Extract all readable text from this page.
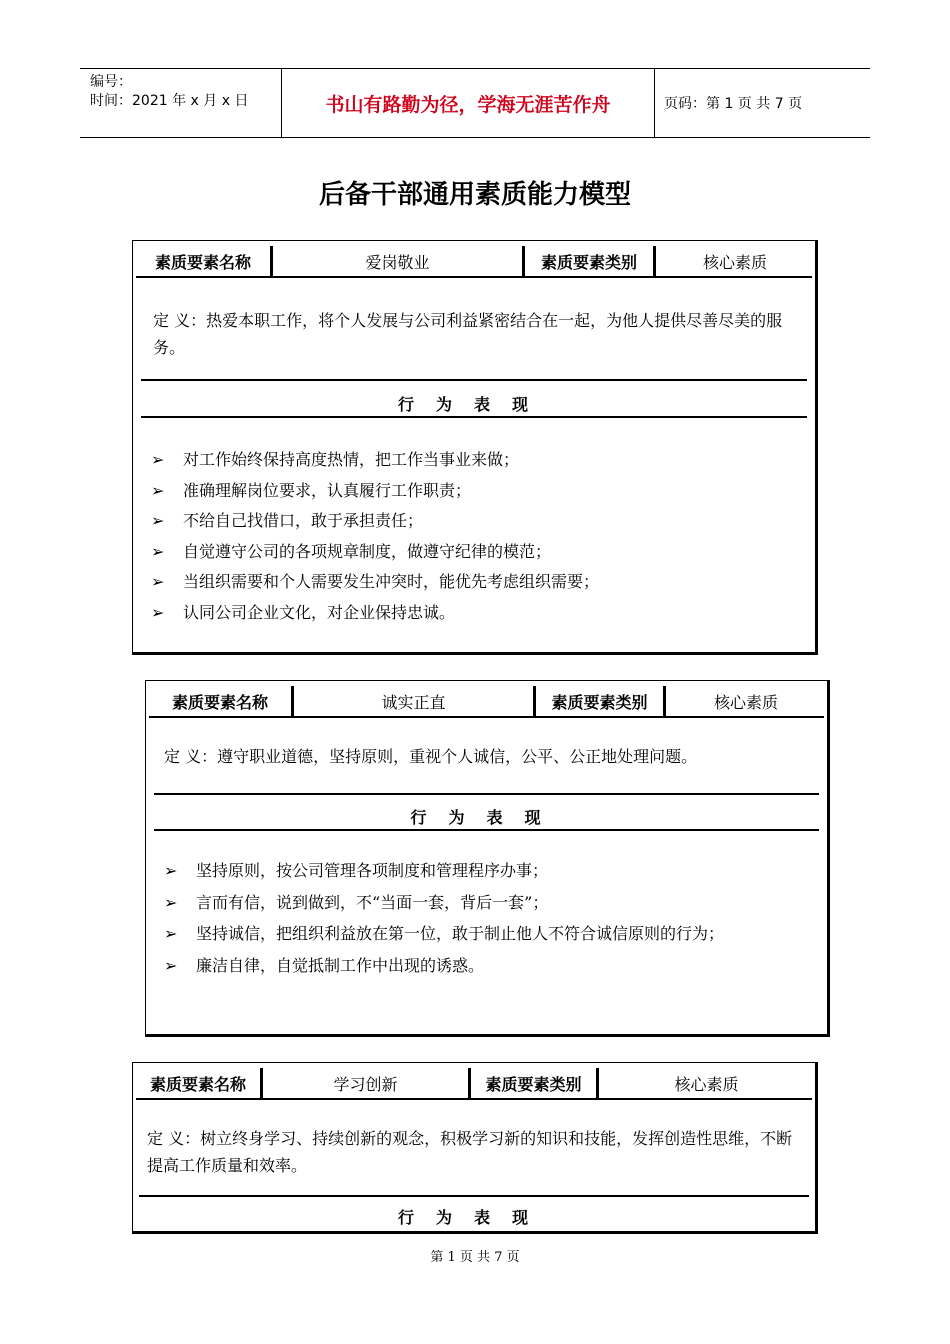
编号：
时间：2021 年 x 月 x 日	书山有路勤为径，学海无涯苦作舟	页码：第 1 页 共 7 页
后备干部通用素质能力模型
素质要素名称	爱岗敬业	素质要素类别	核心素质
定 义：热爱本职工作，将个人发展与公司利益紧密结合在一起，为他人提供尽善尽美的服务。
行为表现
➢ 对工作始终保持高度热情，把工作当事业来做；
➢ 准确理解岗位要求，认真履行工作职责；
➢ 不给自己找借口，敢于承担责任；
➢ 自觉遵守公司的各项规章制度，做遵守纪律的模范；
➢ 当组织需要和个人需要发生冲突时，能优先考虑组织需要；
➢ 认同公司企业文化，对企业保持忠诚。
素质要素名称	诚实正直	素质要素类别	核心素质
定 义：遵守职业道德，坚持原则，重视个人诚信，公平、公正地处理问题。
行为表现
➢ 坚持原则，按公司管理各项制度和管理程序办事；
➢ 言而有信，说到做到，不“当面一套，背后一套”；
➢ 坚持诚信，把组织利益放在第一位，敢于制止他人不符合诚信原则的行为；
➢ 廉洁自律，自觉抵制工作中出现的诱惑。
素质要素名称	学习创新	素质要素类别	核心素质
定 义：树立终身学习、持续创新的观念，积极学习新的知识和技能，发挥创造性思维，不断提高工作质量和效率。
行为表现
第 1 页 共 7 页
